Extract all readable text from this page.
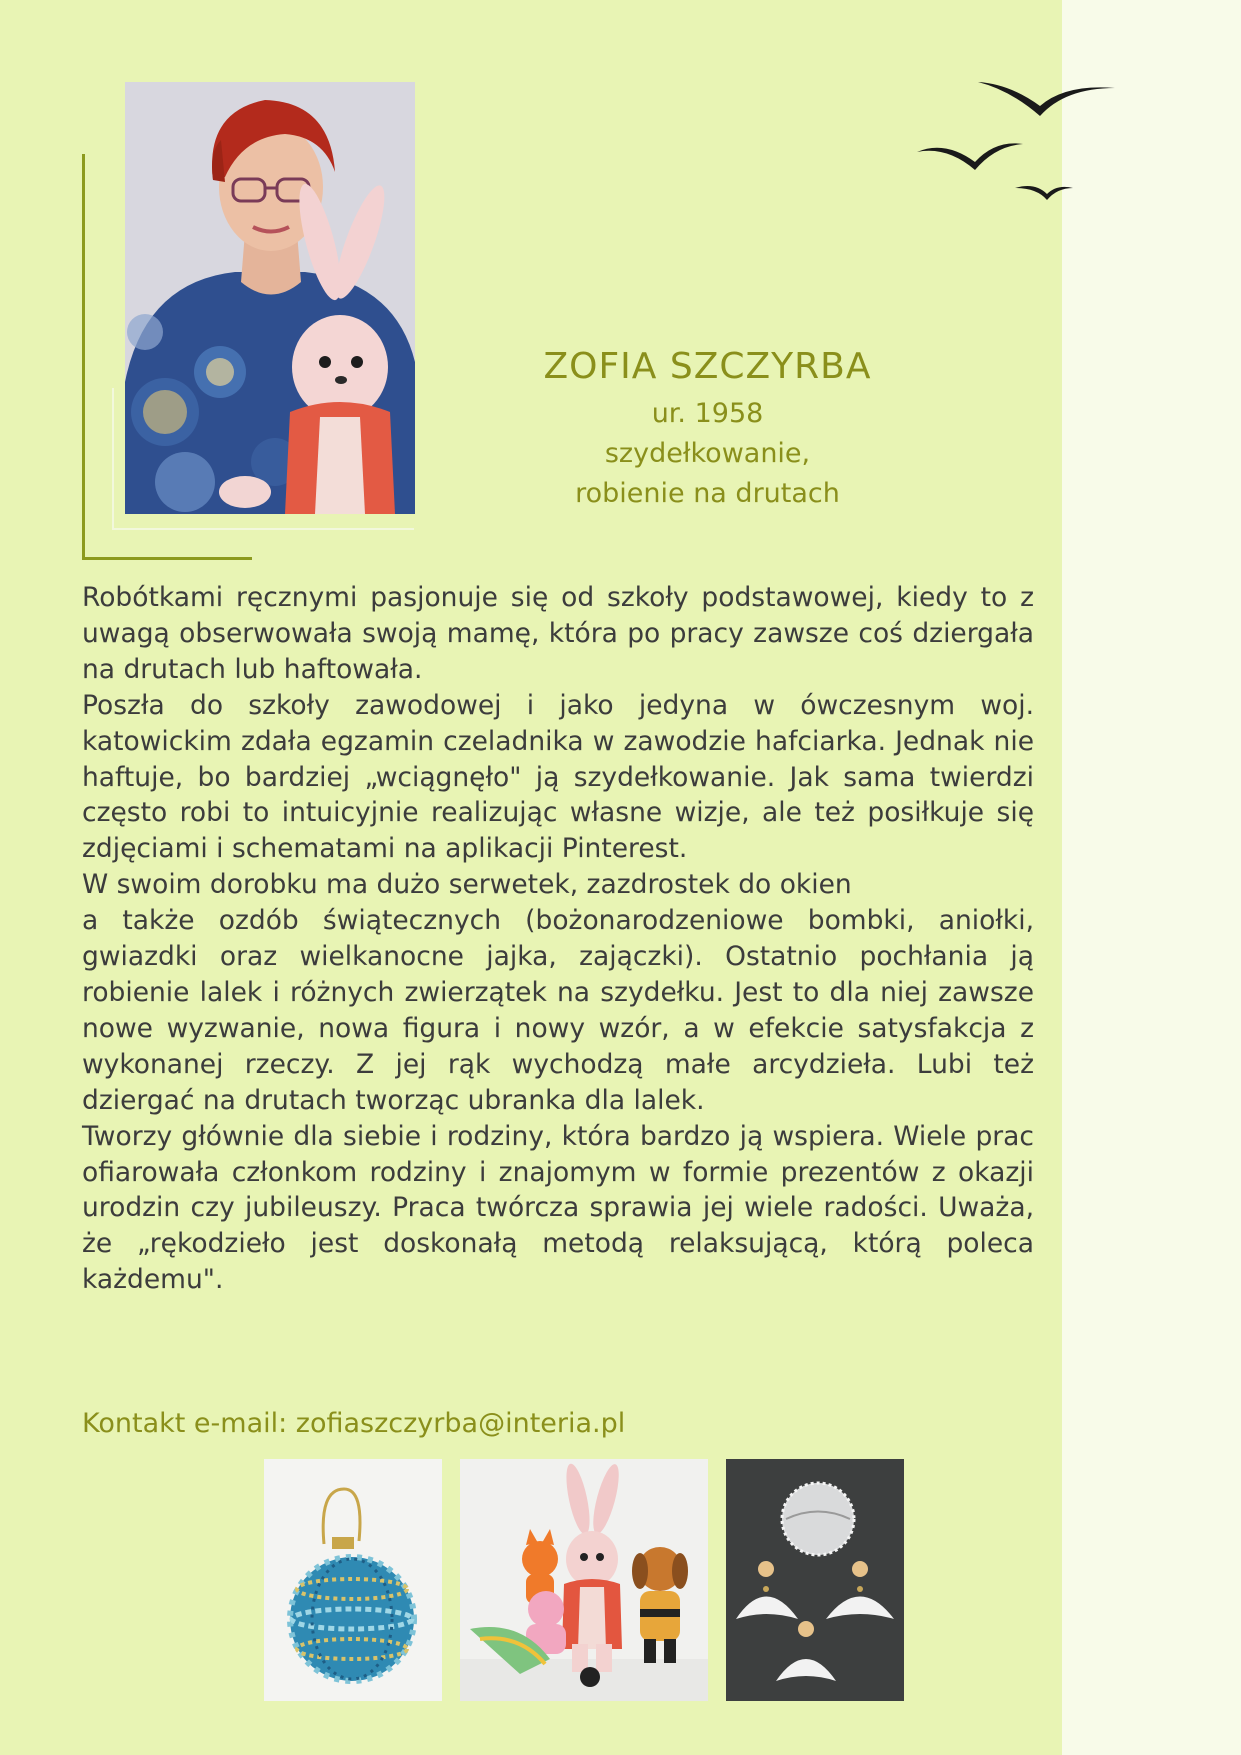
ZOFIA SZCZYRBA
ur. 1958
szydełkowanie,
robienie na drutach

Robótkami ręcznymi pasjonuje się od szkoły podstawowej, kiedy to z uwagą obserwowała swoją mamę, która po pracy zawsze coś dziergała na drutach lub haftowała.

Poszła do szkoły zawodowej i jako jedyna w ówczesnym woj. katowickim zdała egzamin czeladnika w zawodzie hafciarka. Jednak nie haftuje, bo bardziej „wciągnęło" ją szydełkowanie. Jak sama twierdzi często robi to intuicyjnie realizując własne wizje, ale też posiłkuje się zdjęciami i schematami na aplikacji Pinterest.

W swoim dorobku ma dużo serwetek, zazdrostek do okien

a także ozdób świątecznych (bożonarodzeniowe bombki, aniołki, gwiazdki oraz wielkanocne jajka, zajączki). Ostatnio pochłania ją robienie lalek i różnych zwierzątek na szydełku. Jest to dla niej zawsze nowe wyzwanie, nowa figura i nowy wzór, a w efekcie satysfakcja z wykonanej rzeczy. Z jej rąk wychodzą małe arcydzieła. Lubi też dziergać na drutach tworząc ubranka dla lalek.

Tworzy głównie dla siebie i rodziny, która bardzo ją wspiera. Wiele prac ofiarowała członkom rodziny i znajomym w formie prezentów z okazji urodzin czy jubileuszy. Praca twórcza sprawia jej wiele radości. Uważa, że „rękodzieło jest doskonałą metodą relaksującą, którą poleca każdemu".

Kontakt e-mail: zofiaszczyrba@interia.pl
